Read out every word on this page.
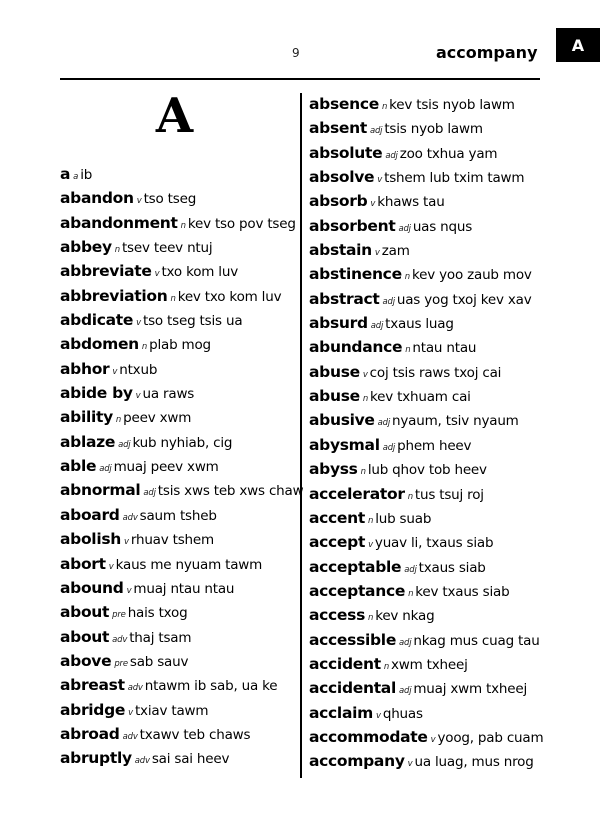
9	accompany	A
A
aa ib
abandon v tso tseg
abandonment n kev tso pov tseg
abbey n tsev teev ntuj
abbreviate v txo kom luv
abbreviation n kev txo kom luv
abdicate v tso tseg tsis ua
abdomen n plab mog
abhor v ntxub
abide by v ua raws
ability n peev xwm
ablaze adj kub nyhiab, cig
able adj muaj peev xwm
abnormal adj tsis xws teb xws chaw
aboard adv saum tsheb
abolish v rhuav tshem
abort v kaus me nyuam tawm
abound v muaj ntau ntau
about pre hais txog
about adv thaj tsam
above pre sab sauv
abreast adv ntawm ib sab, ua ke
abridge v txiav tawm
abroad adv txawv teb chaws
abruptly adv sai sai heev
absence n kev tsis nyob lawm
absent adj tsis nyob lawm
absolute adj zoo txhua yam
absolve v tshem lub txim tawm
absorb v khaws tau
absorbent adj uas nqus
abstain v zam
abstinence n kev yoo zaub mov
abstract adj uas yog txoj kev xav
absurd adj txaus luag
abundance n ntau ntau
abuse v coj tsis raws txoj cai
abuse n kev txhuam cai
abusive adj nyaum, tsiv nyaum
abysmal adj phem heev
abyss n lub qhov tob heev
accelerator n tus tsuj roj
accent n lub suab
accept v yuav li, txaus siab
acceptable adj txaus siab
acceptance n kev txaus siab
access n kev nkag
accessible adj nkag mus cuag tau
accident n xwm txheej
accidental adj muaj xwm txheej
acclaim v qhuas
accommodate v yoog, pab cuam
accompany v ua luag, mus nrog
